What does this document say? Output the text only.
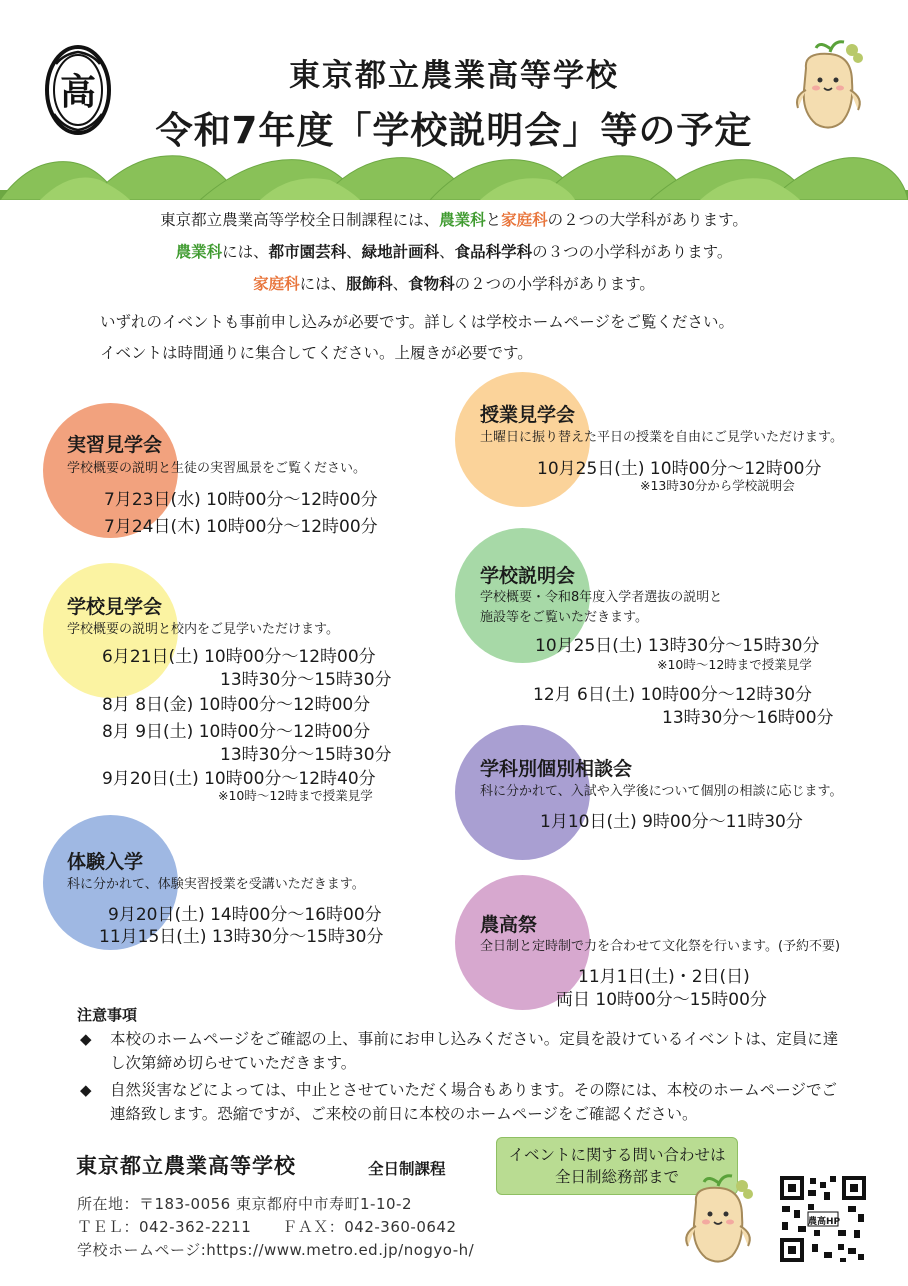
高	東京都立農業高等学校
令和7年度「学校説明会」等の予定
東京都立農業高等学校全日制課程には、農業科と家庭科の２つの大学科があります。
農業科には、都市園芸科、緑地計画科、食品科学科の３つの小学科があります。
家庭科には、服飾科、食物科の２つの小学科があります。
いずれのイベントも事前申し込みが必要です。詳しくは学校ホームページをご覧ください。
イベントは時間通りに集合してください。上履きが必要です。
実習見学会
学校概要の説明と生徒の実習風景をご覧ください。
7月23日(水) 10時00分～12時00分
7月24日(木) 10時00分～12時00分
学校見学会
学校概要の説明と校内をご見学いただけます。
6月21日(土) 10時00分～12時00分
13時30分～15時30分
8月 8日(金) 10時00分～12時00分
8月 9日(土) 10時00分～12時00分
13時30分～15時30分
9月20日(土) 10時00分～12時40分
※10時～12時まで授業見学
体験入学
科に分かれて、体験実習授業を受講いただきます。
9月20日(土) 14時00分～16時00分
11月15日(土) 13時30分～15時30分
授業見学会
土曜日に振り替えた平日の授業を自由にご見学いただけます。
10月25日(土) 10時00分～12時00分
※13時30分から学校説明会
学校説明会
学校概要・令和8年度入学者選抜の説明と
施設等をご覧いただきます。
10月25日(土) 13時30分～15時30分
※10時～12時まで授業見学
12月 6日(土) 10時00分～12時30分
13時30分～16時00分
学科別個別相談会
科に分かれて、入試や入学後について個別の相談に応じます。
1月10日(土) 9時00分～11時30分
農高祭
全日制と定時制で力を合わせて文化祭を行います。(予約不要)
11月1日(土)・2日(日)
両日 10時00分～15時00分
注意事項
◆ 本校のホームページをご確認の上、事前にお申し込みください。定員を設けているイベントは、定員に達し次第締め切らせていただきます。
◆ 自然災害などによっては、中止とさせていただく場合もあります。その際には、本校のホームページでご連絡致します。恐縮ですが、ご来校の前日に本校のホームページをご確認ください。
東京都立農業高等学校	全日制課程
所在地：〒183-0056 東京都府中市寿町1-10-2
ＴＥＬ：042-362-2211　　ＦＡＸ：042-360-0642
学校ホームページ:https://www.metro.ed.jp/nogyo-h/
イベントに関する問い合わせは
全日制総務部まで
農高HP
